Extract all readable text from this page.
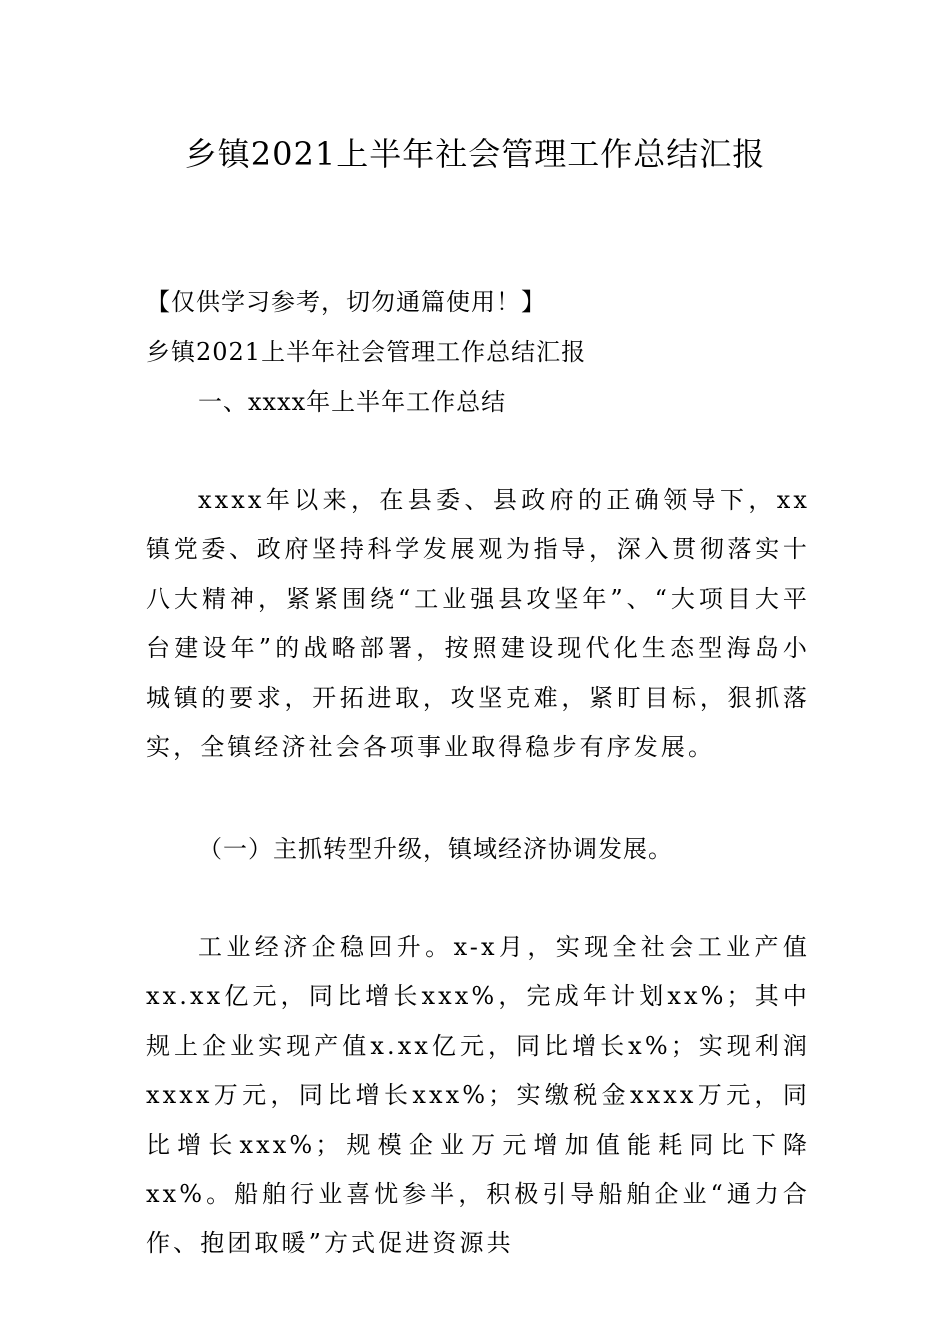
乡镇2021上半年社会管理工作总结汇报
【仅供学习参考，切勿通篇使用！】
乡镇2021上半年社会管理工作总结汇报
一、xxxx年上半年工作总结

xxxx年以来，在县委、县政府的正确领导下，xx镇党委、政府坚持科学发展观为指导，深入贯彻落实十八大精神，紧紧围绕“工业强县攻坚年”、“大项目大平台建设年”的战略部署，按照建设现代化生态型海岛小城镇的要求，开拓进取，攻坚克难，紧盯目标，狠抓落实，全镇经济社会各项事业取得稳步有序发展。

（一）主抓转型升级，镇域经济协调发展。

工业经济企稳回升。x-x月，实现全社会工业产值xx.xx亿元，同比增长xxx%，完成年计划xx%；其中规上企业实现产值x.xx亿元，同比增长x%；实现利润xxxx万元，同比增长xxx%；实缴税金xxxx万元，同比增长xxx%；规模企业万元增加值能耗同比下降xx%。船舶行业喜忧参半，积极引导船舶企业“通力合作、抱团取暖”方式促进资源共
